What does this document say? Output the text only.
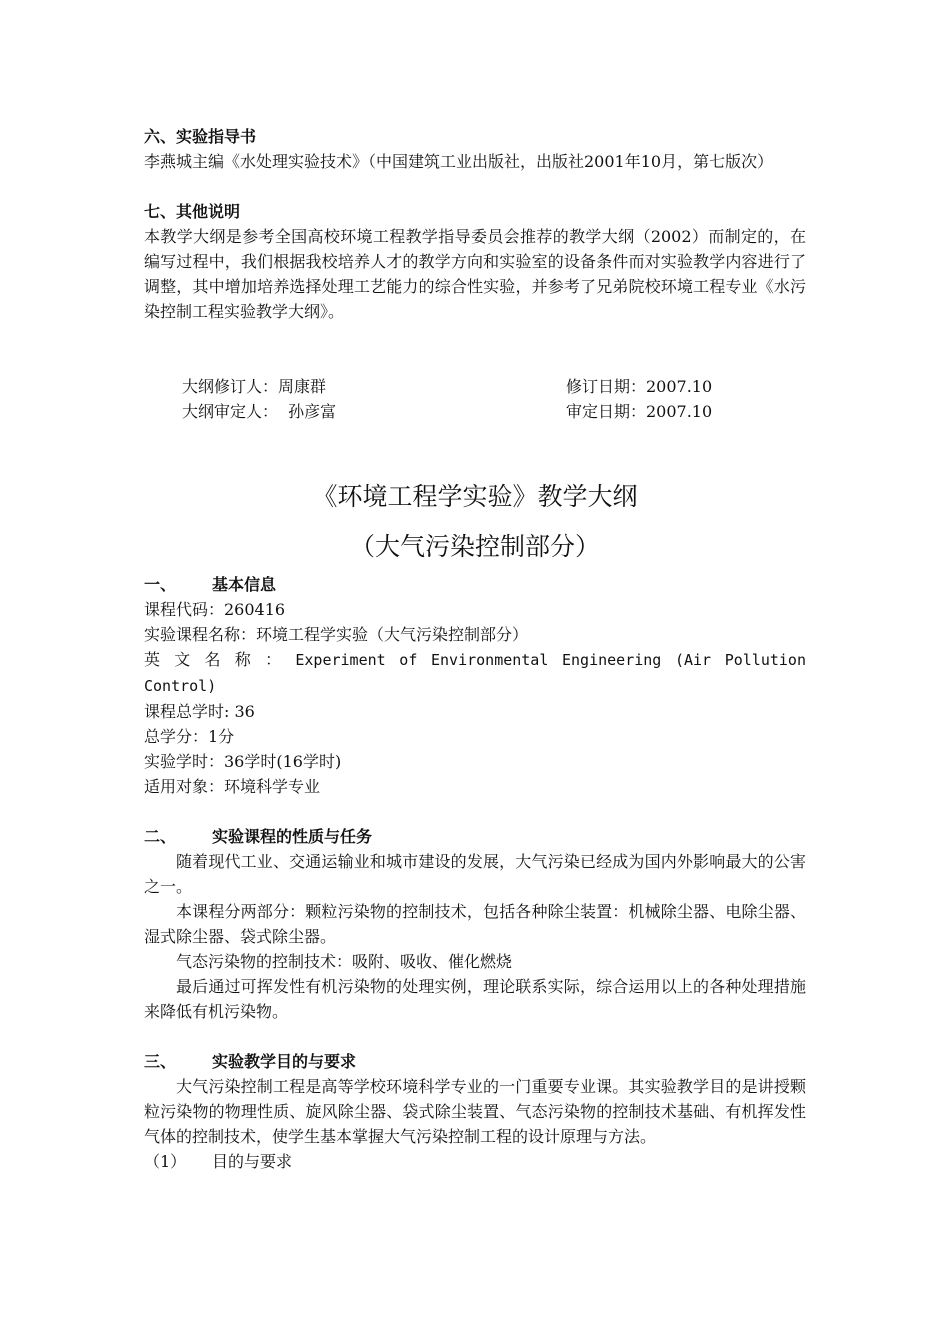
六、实验指导书

李燕城主编《水处理实验技术》（中国建筑工业出版社，出版社2001年10月，第七版次）

七、其他说明

本教学大纲是参考全国高校环境工程教学指导委员会推荐的教学大纲（2002）而制定的，在编写过程中，我们根据我校培养人才的教学方向和实验室的设备条件而对实验教学内容进行了调整，其中增加培养选择处理工艺能力的综合性实验，并参考了兄弟院校环境工程专业《水污染控制工程实验教学大纲》。

大纲修订人：周康群	修订日期：2007.10
大纲审定人：  孙彦富	审定日期：2007.10

《环境工程学实验》教学大纲

（大气污染控制部分）

一、 基本信息

课程代码：260416

实验课程名称：环境工程学实验（大气污染控制部分）

英 文 名 称 ： Experiment of Environmental Engineering (Air Pollution Control)

课程总学时: 36

总学分：1分

实验学时：36学时(16学时)

适用对象：环境科学专业

二、 实验课程的性质与任务

随着现代工业、交通运输业和城市建设的发展，大气污染已经成为国内外影响最大的公害之一。

本课程分两部分：颗粒污染物的控制技术，包括各种除尘装置：机械除尘器、电除尘器、湿式除尘器、袋式除尘器。

气态污染物的控制技术：吸附、吸收、催化燃烧

最后通过可挥发性有机污染物的处理实例，理论联系实际，综合运用以上的各种处理措施来降低有机污染物。

三、 实验教学目的与要求

大气污染控制工程是高等学校环境科学专业的一门重要专业课。其实验教学目的是讲授颗粒污染物的物理性质、旋风除尘器、袋式除尘装置、气态污染物的控制技术基础、有机挥发性气体的控制技术，使学生基本掌握大气污染控制工程的设计原理与方法。

（1） 目的与要求
